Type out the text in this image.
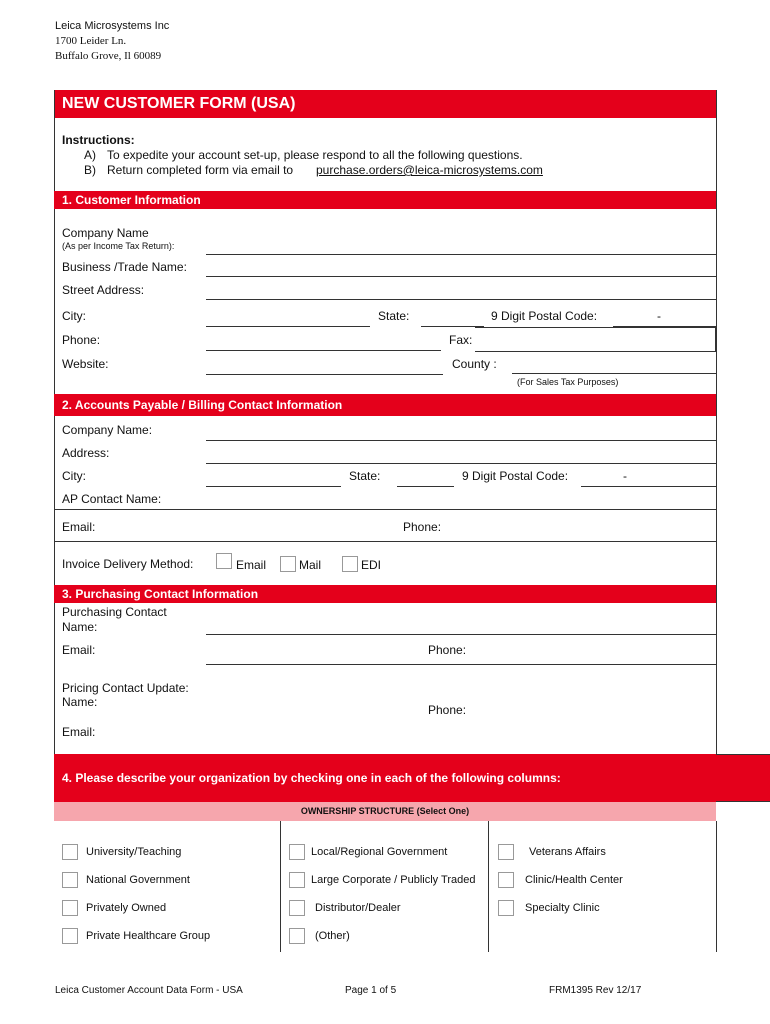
Leica Microsystems Inc
1700 Leider Ln.
Buffalo Grove, Il 60089
NEW CUSTOMER FORM (USA)
Instructions:
A) To expedite your account set-up, please respond to all the following questions.
B) Return completed form via email to purchase.orders@leica-microsystems.com
1. Customer Information
Company Name
(As per Income Tax Return):
Business /Trade Name:
Street Address:
City:	State:	9 Digit Postal Code:	-
Phone:	Fax:
Website:	County :
(For Sales Tax Purposes)
2. Accounts Payable / Billing Contact Information
Company Name:
Address:
City:	State:	9 Digit Postal Code:	-
AP Contact Name:
Email:	Phone:
Invoice Delivery Method:	Email	Mail	EDI
3. Purchasing Contact Information
Purchasing Contact
Name:
Email:	Phone:
Pricing Contact Update:
Name:
Phone:
Email:
4. Please describe your organization by checking one in each of the following columns:
OWNERSHIP STRUCTURE (Select One)
University/Teaching
National Government
Privately Owned
Private Healthcare Group
Local/Regional Government
Large Corporate / Publicly Traded
Distributor/Dealer
(Other)
Veterans Affairs
Clinic/Health Center
Specialty Clinic
Leica Customer Account Data Form - USA	Page 1 of 5	FRM1395 Rev 12/17
